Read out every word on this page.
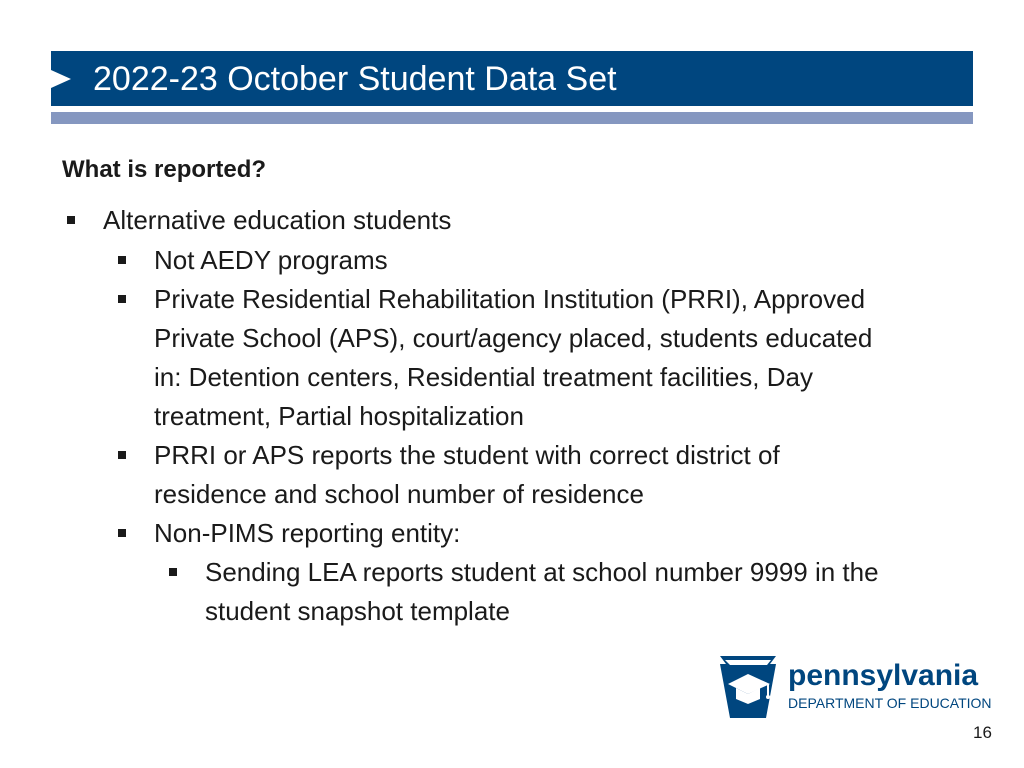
2022-23 October Student Data Set
What is reported?
Alternative education students
Not AEDY programs
Private Residential Rehabilitation Institution (PRRI), Approved
Private School (APS), court/agency placed, students educated
in: Detention centers, Residential treatment facilities, Day
treatment, Partial hospitalization
PRRI or APS reports the student with correct district of
residence and school number of residence
Non-PIMS reporting entity:
Sending LEA reports student at school number 9999 in the
student snapshot template
pennsylvania
DEPARTMENT OF EDUCATION
16
